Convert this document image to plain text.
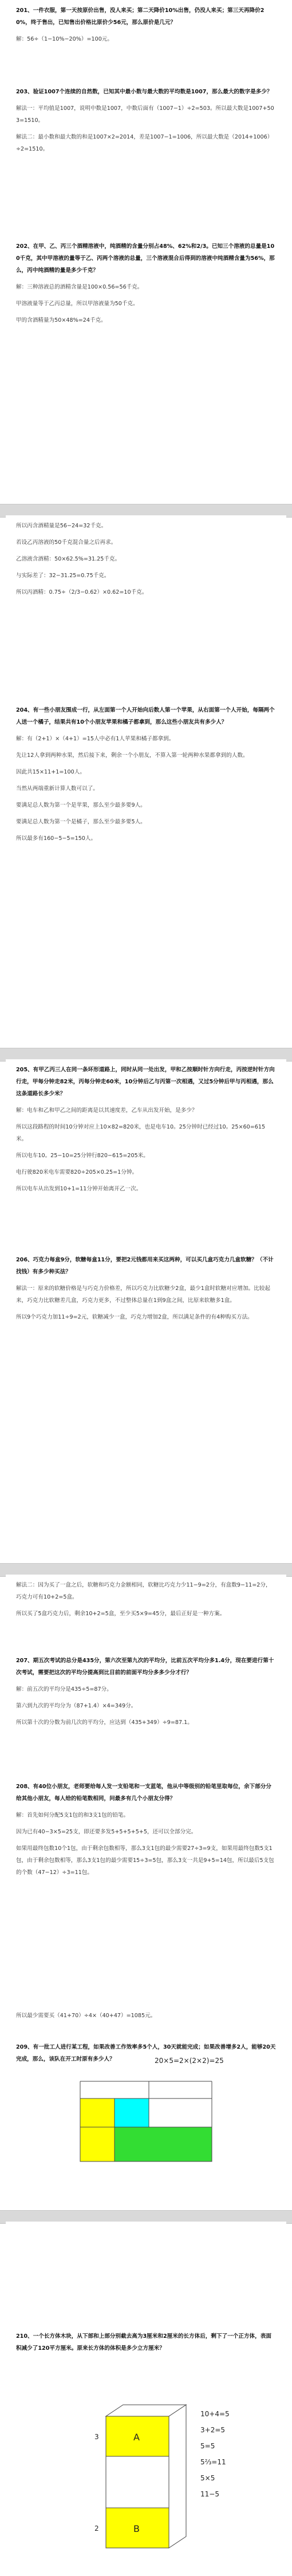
201、一件衣服，第一天按原价出售，没人来买；第二天降价10%出售，仍没人来买；第三天再降价20%，终于售出，已知售出价格比原价少56元，那么原价是几元？

解：56÷（1−10%−20%）=100元。

203、验证1007个连续的自然数，已知其中最小数与最大数的平均数是1007，那么最大的数字是多少？

解法一：平均值是1007，说明中数是1007，中数后面有（1007−1）÷2=503。所以最大数是1007+503=1510。

解法二：最小数和最大数的和是1007×2=2014，差是1007−1=1006，所以最大数是（2014+1006）÷2=1510。

202、在甲、乙、丙三个酒精溶液中，纯酒精的含量分别占48%、62%和2/3。已知三个溶液的总量是100千克，其中甲溶液的量等于乙、丙两个溶液的总量，三个溶液混合后得到的溶液中纯酒精含量为56%，那么，丙中纯酒精的量是多少千克？

解：三种溶液总的酒精含量是100×0.56=56千克。

甲溶液量等于乙丙总量，所以甲溶液量为50千克。

甲的含酒精量为50×48%=24千克。

所以丙含酒精量是56−24=32千克。

若设乙丙溶液的50千克混合量之后再求。

乙溶液含酒精：50×62.5%=31.25千克。

与实际差了：32−31.25=0.75千克。

所以丙酒精：0.75÷（2/3−0.62）×0.62=10千克。

204、有一些小朋友围成一行，从左面第一个人开始向后数人第一个苹果，从右面第一个人开始，每隔两个人送一个橘子，结果共有10个小朋友苹果和橘子都拿到，那么这些小朋友共有多少人？

解：有（2+1）×（4+1）=15人中必有1人苹果和橘子都拿到。

先让12人拿到两种水果，然后接下来，剩余一个小朋友，不算入第一轮两种水果都拿到的人数。

因此共15×11+1=100人。

当然从两端重新计算人数可以了。

要满足总人数为第一个是苹果，那么至少最多要9人。

要满足总人数为第一个是橘子，那么至少最多要5人。

所以最多有160−5−5=150人。

205、有甲乙丙三人在同一条环形道路上，同时从同一处出发，甲和乙按顺时针方向行走，丙按逆时针方向行走，甲每分钟走82米，丙每分钟走60米，10分钟后乙与丙第一次相遇，又过5分钟后甲与丙相遇，那么这条道路长多少米？

解：电车和乙和甲乙之间的距离是以其速度差，乙车从出发开始，是多少？

所以这段路程的时间10分钟对应上10×82=820米，也是电车10。25分钟时已经过10。25×60=615米。

所以电车10。25−10=25分钟行820−615=205米。

电行驶820米电车需要820÷205×0.25=1分钟。

所以电车从出发到10+1=11分钟开始离开乙一次。

206、巧克力每盒9分，软糖每盒11分，要把2元钱都用来买这两种，可以买几盒巧克力几盒软糖？（不计找钱）有多少种买法？

解法一：原来的软糖价格是与巧克力价格差，所以巧克力比软糖少2盒，最少1盒时软糖对应增加。比较起来，巧克力比软糖差几盒，巧克力更多，不过整体总量在1到9盒之间，比原来软糖多1盒。

所以9个巧克力加11÷9=2元，软糖减少一盒，巧克力增加2盒，所以满足条件的有4种购买方法。

解法二：因为买了一盒之后，软糖和巧克力金额相同，软糖比巧克力少11−9=2分，有盒数9−11=2分，巧克力可有10+2=5盒。

所以买了5盒巧克力后，剩余10+2=5盒，至少买5×9=45分，最后正好是一种方案。

207、期五次考试的总分是435分，第六次至第九次的平均分，比前五次平均分多1.4分，现在要进行第十次考试，需要把这次的平均分提高到比目前的前面平均分多多少分才行？

解：前五次的平均分是435÷5=87分。

第六到九次的平均分为（87+1.4）×4=349分。

所以第十次的分数为前几次的平均分，应达到（435+349）÷9=87.1。

208、有40位小朋友，老师要给每人发一支铅笔和一支蓝笔，他从中等级别的铅笔里取每位，余下部分分给其他小朋友，每人给的铅笔数相同，问最多有几个小朋友分得？

解：首先如何分配5支1包的和3支1包的铅笔。

因为已有40−3×5=25支，即还要多发5+5+5+5+5，还可以全部分完。

如果用最终包数10个1包，由于剩余包数相等，那么3支1包的最少需要27÷3=9支，如果用最终包数5支1包，由于剩余包数相等，那么3支1包的最少需要15÷3=5包，那么3支一共是9+5=14包，所以最后5支包的个数（47−12）÷3=11包。

所以最少需要买（41+70）÷4×（40+47）=1085元。

209、有一批工人进行某工程，如果改善工作效率多5个人，30天就能完成；如果改善增多2人，能够20天完成，那么，该队在开工时原有多少人？

210、一个长方体木块，从下部和上部分别截去高为3厘米和2厘米的长方体后，剩下了一个正方体，表面积减少了120平方厘米。原来长方体的体积是多少立方厘米？

20×5=2×(2×2)=25
A
B
3
2
10+4=5
3+2=5
5=5
5⅔=11
5×5
11−5
